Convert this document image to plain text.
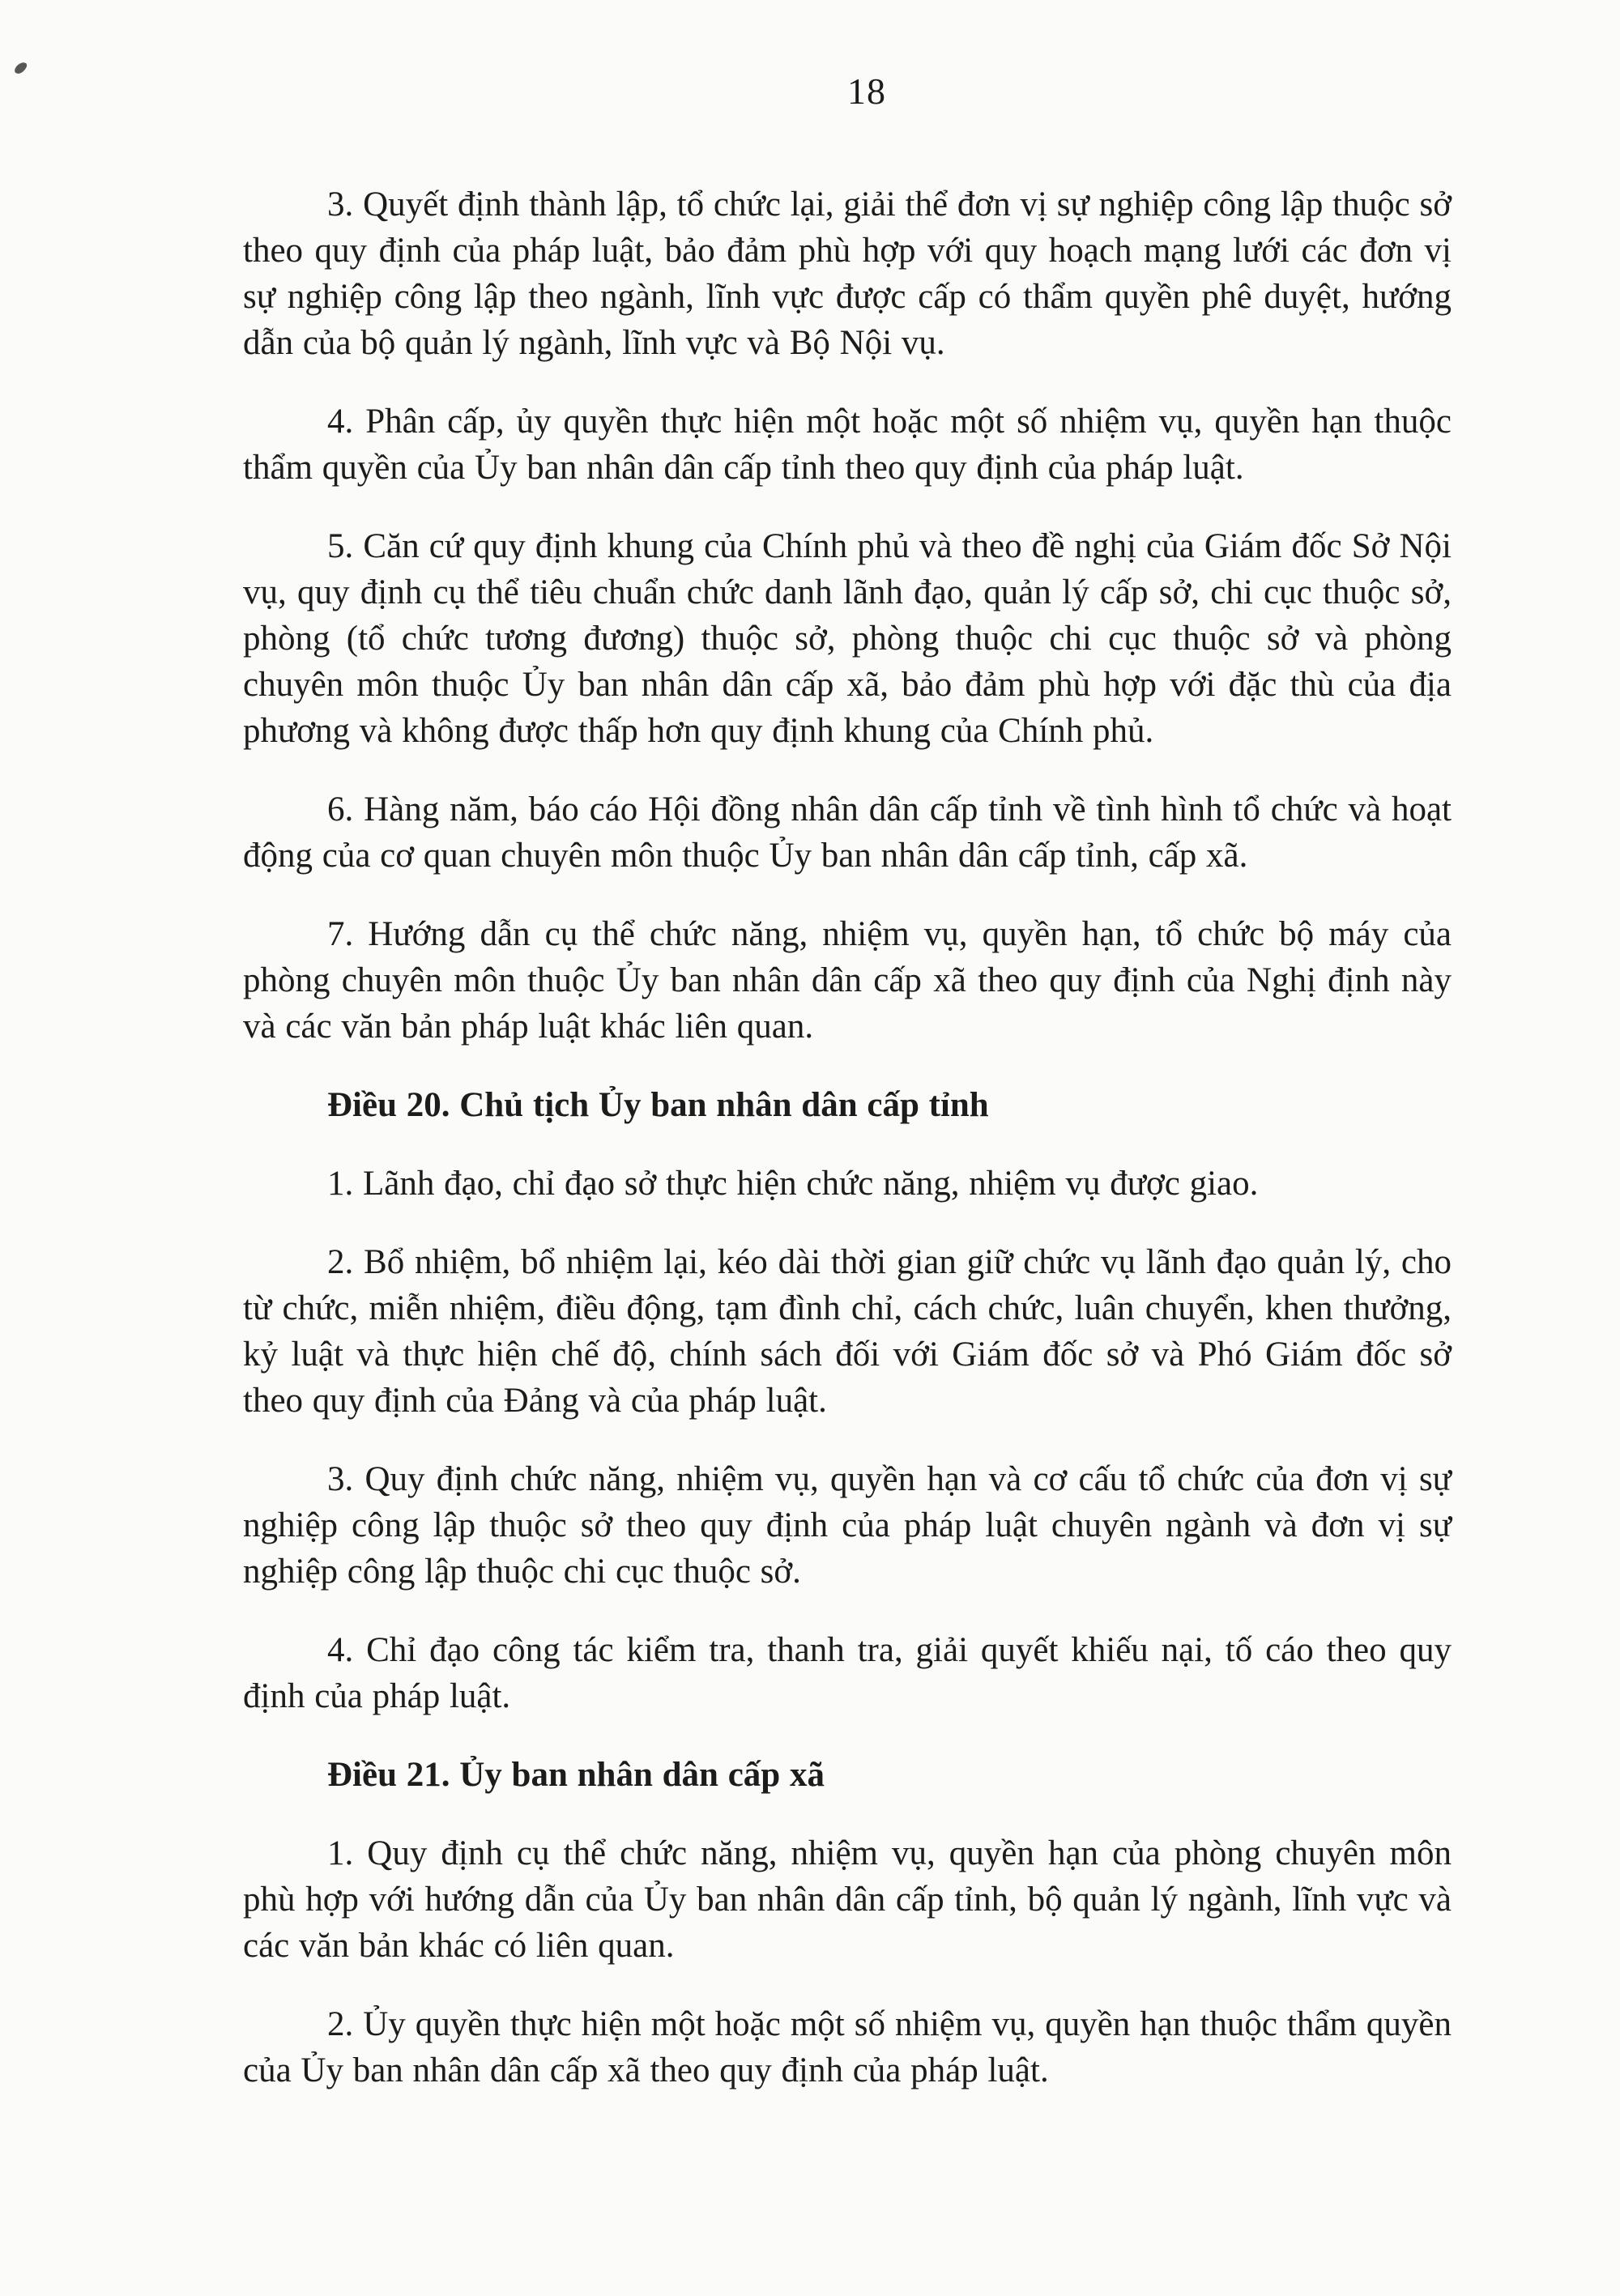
18

3. Quyết định thành lập, tổ chức lại, giải thể đơn vị sự nghiệp công lập thuộc sở theo quy định của pháp luật, bảo đảm phù hợp với quy hoạch mạng lưới các đơn vị sự nghiệp công lập theo ngành, lĩnh vực được cấp có thẩm quyền phê duyệt, hướng dẫn của bộ quản lý ngành, lĩnh vực và Bộ Nội vụ.

4. Phân cấp, ủy quyền thực hiện một hoặc một số nhiệm vụ, quyền hạn thuộc thẩm quyền của Ủy ban nhân dân cấp tỉnh theo quy định của pháp luật.

5. Căn cứ quy định khung của Chính phủ và theo đề nghị của Giám đốc Sở Nội vụ, quy định cụ thể tiêu chuẩn chức danh lãnh đạo, quản lý cấp sở, chi cục thuộc sở, phòng (tổ chức tương đương) thuộc sở, phòng thuộc chi cục thuộc sở và phòng chuyên môn thuộc Ủy ban nhân dân cấp xã, bảo đảm phù hợp với đặc thù của địa phương và không được thấp hơn quy định khung của Chính phủ.

6. Hàng năm, báo cáo Hội đồng nhân dân cấp tỉnh về tình hình tổ chức và hoạt động của cơ quan chuyên môn thuộc Ủy ban nhân dân cấp tỉnh, cấp xã.

7. Hướng dẫn cụ thể chức năng, nhiệm vụ, quyền hạn, tổ chức bộ máy của phòng chuyên môn thuộc Ủy ban nhân dân cấp xã theo quy định của Nghị định này và các văn bản pháp luật khác liên quan.

Điều 20. Chủ tịch Ủy ban nhân dân cấp tỉnh

1. Lãnh đạo, chỉ đạo sở thực hiện chức năng, nhiệm vụ được giao.

2. Bổ nhiệm, bổ nhiệm lại, kéo dài thời gian giữ chức vụ lãnh đạo quản lý, cho từ chức, miễn nhiệm, điều động, tạm đình chỉ, cách chức, luân chuyển, khen thưởng, kỷ luật và thực hiện chế độ, chính sách đối với Giám đốc sở và Phó Giám đốc sở theo quy định của Đảng và của pháp luật.

3. Quy định chức năng, nhiệm vụ, quyền hạn và cơ cấu tổ chức của đơn vị sự nghiệp công lập thuộc sở theo quy định của pháp luật chuyên ngành và đơn vị sự nghiệp công lập thuộc chi cục thuộc sở.

4. Chỉ đạo công tác kiểm tra, thanh tra, giải quyết khiếu nại, tố cáo theo quy định của pháp luật.

Điều 21. Ủy ban nhân dân cấp xã

1. Quy định cụ thể chức năng, nhiệm vụ, quyền hạn của phòng chuyên môn phù hợp với hướng dẫn của Ủy ban nhân dân cấp tỉnh, bộ quản lý ngành, lĩnh vực và các văn bản khác có liên quan.

2. Ủy quyền thực hiện một hoặc một số nhiệm vụ, quyền hạn thuộc thẩm quyền của Ủy ban nhân dân cấp xã theo quy định của pháp luật.
